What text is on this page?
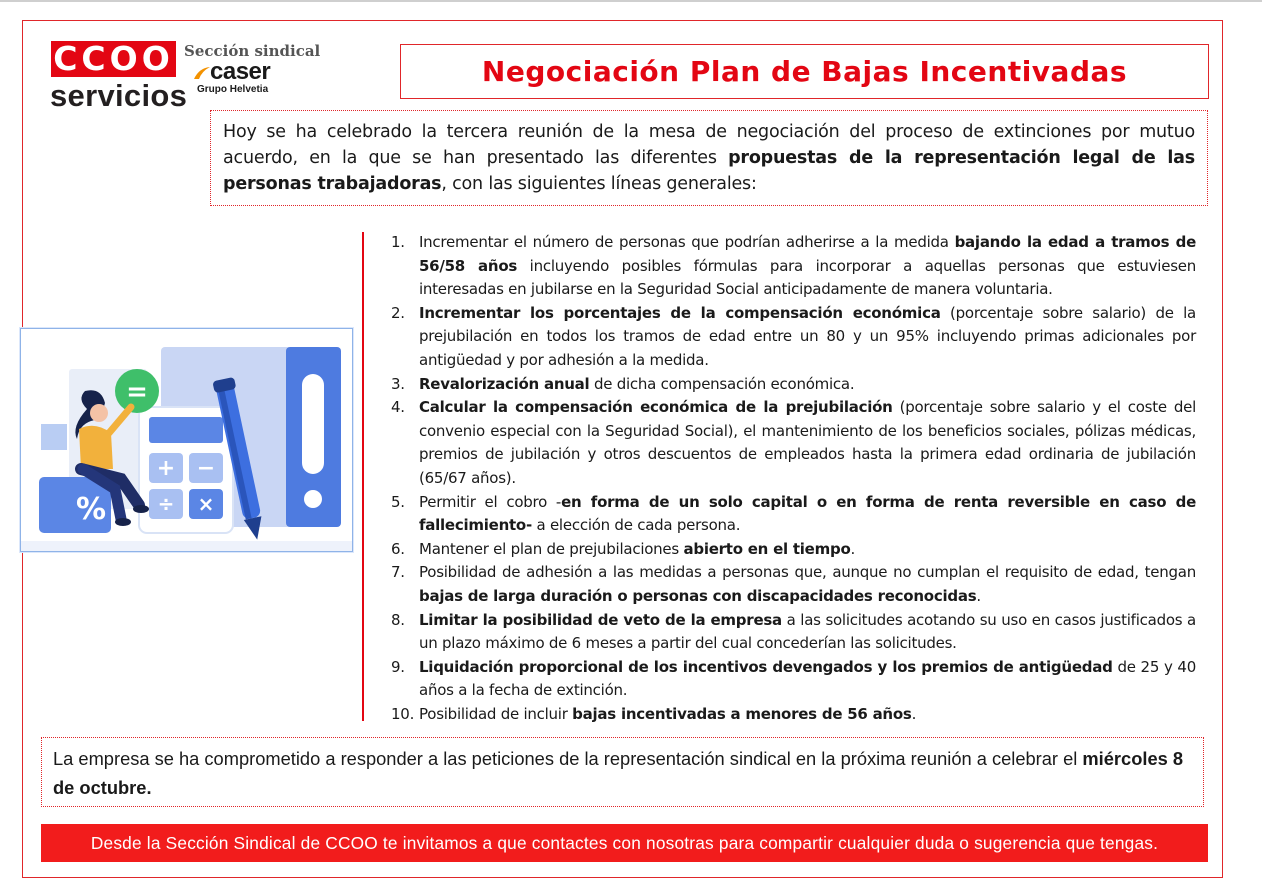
CCOO
servicios
Sección sindical
caser
Grupo Helvetia
Negociación Plan de Bajas Incentivadas

Hoy se ha celebrado la tercera reunión de la mesa de negociación del proceso de extinciones por mutuo acuerdo, en la que se han presentado las diferentes propuestas de la representación legal de las personas trabajadoras, con las siguientes líneas generales:

+ −
÷ ×
=
%
1. Incrementar el número de personas que podrían adherirse a la medida bajando la edad a tramos de 56/58 años incluyendo posibles fórmulas para incorporar a aquellas personas que estuviesen interesadas en jubilarse en la Seguridad Social anticipadamente de manera voluntaria.
2. Incrementar los porcentajes de la compensación económica (porcentaje sobre salario) de la prejubilación en todos los tramos de edad entre un 80 y un 95% incluyendo primas adicionales por antigüedad y por adhesión a la medida.
3. Revalorización anual de dicha compensación económica.
4. Calcular la compensación económica de la prejubilación (porcentaje sobre salario y el coste del convenio especial con la Seguridad Social), el mantenimiento de los beneficios sociales, pólizas médicas, premios de jubilación y otros descuentos de empleados hasta la primera edad ordinaria de jubilación (65/67 años).
5. Permitir el cobro -en forma de un solo capital o en forma de renta reversible en caso de fallecimiento- a elección de cada persona.
6. Mantener el plan de prejubilaciones abierto en el tiempo.
7. Posibilidad de adhesión a las medidas a personas que, aunque no cumplan el requisito de edad, tengan bajas de larga duración o personas con discapacidades reconocidas.
8. Limitar la posibilidad de veto de la empresa a las solicitudes acotando su uso en casos justificados a un plazo máximo de 6 meses a partir del cual concederían las solicitudes.
9. Liquidación proporcional de los incentivos devengados y los premios de antigüedad de 25 y 40 años a la fecha de extinción.
10. Posibilidad de incluir bajas incentivadas a menores de 56 años.

La empresa se ha comprometido a responder a las peticiones de la representación sindical en la próxima reunión a celebrar el miércoles 8 de octubre.

Desde la Sección Sindical de CCOO te invitamos a que contactes con nosotras para compartir cualquier duda o sugerencia que tengas.
